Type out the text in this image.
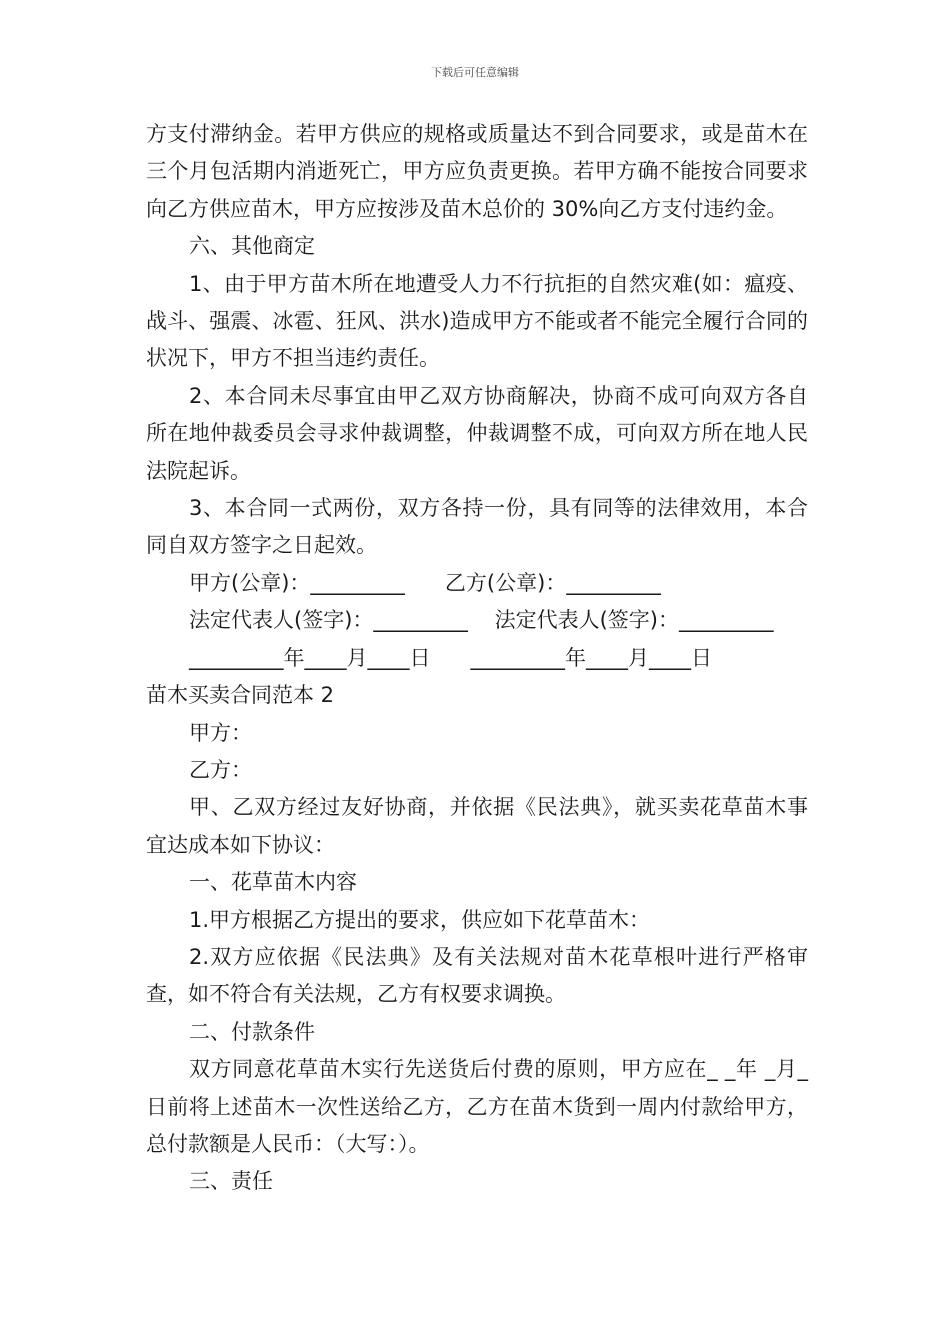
下载后可任意编辑

方支付滞纳金。若甲方供应的规格或质量达不到合同要求，或是苗木在三个月包活期内消逝死亡，甲方应负责更换。若甲方确不能按合同要求向乙方供应苗木，甲方应按涉及苗木总价的 30%向乙方支付违约金。

六、其他商定

1、由于甲方苗木所在地遭受人力不行抗拒的自然灾难(如：瘟疫、战斗、强震、冰雹、狂风、洪水)造成甲方不能或者不能完全履行合同的状况下，甲方不担当违约责任。

2、本合同未尽事宜由甲乙双方协商解决，协商不成可向双方各自所在地仲裁委员会寻求仲裁调整，仲裁调整不成，可向双方所在地人民法院起诉。

3、本合同一式两份，双方各持一份，具有同等的法律效用，本合同自双方签字之日起效。

甲方(公章)：_________      乙方(公章)：_________

法定代表人(签字)：_________    法定代表人(签字)：_________

_________年____月____日      _________年____月____日

苗木买卖合同范本 2

甲方：

乙方：

甲、乙双方经过友好协商，并依据《民法典》，就买卖花草苗木事宜达成本如下协议：

一、花草苗木内容

1.甲方根据乙方提出的要求，供应如下花草苗木：

2.双方应依据《民法典》及有关法规对苗木花草根叶进行严格审查，如不符合有关法规，乙方有权要求调换。

二、付款条件

双方同意花草苗木实行先送货后付费的原则，甲方应在_ _年 _月_ 日前将上述苗木一次性送给乙方，乙方在苗木货到一周内付款给甲方，总付款额是人民币：（大写：）。

三、责任
